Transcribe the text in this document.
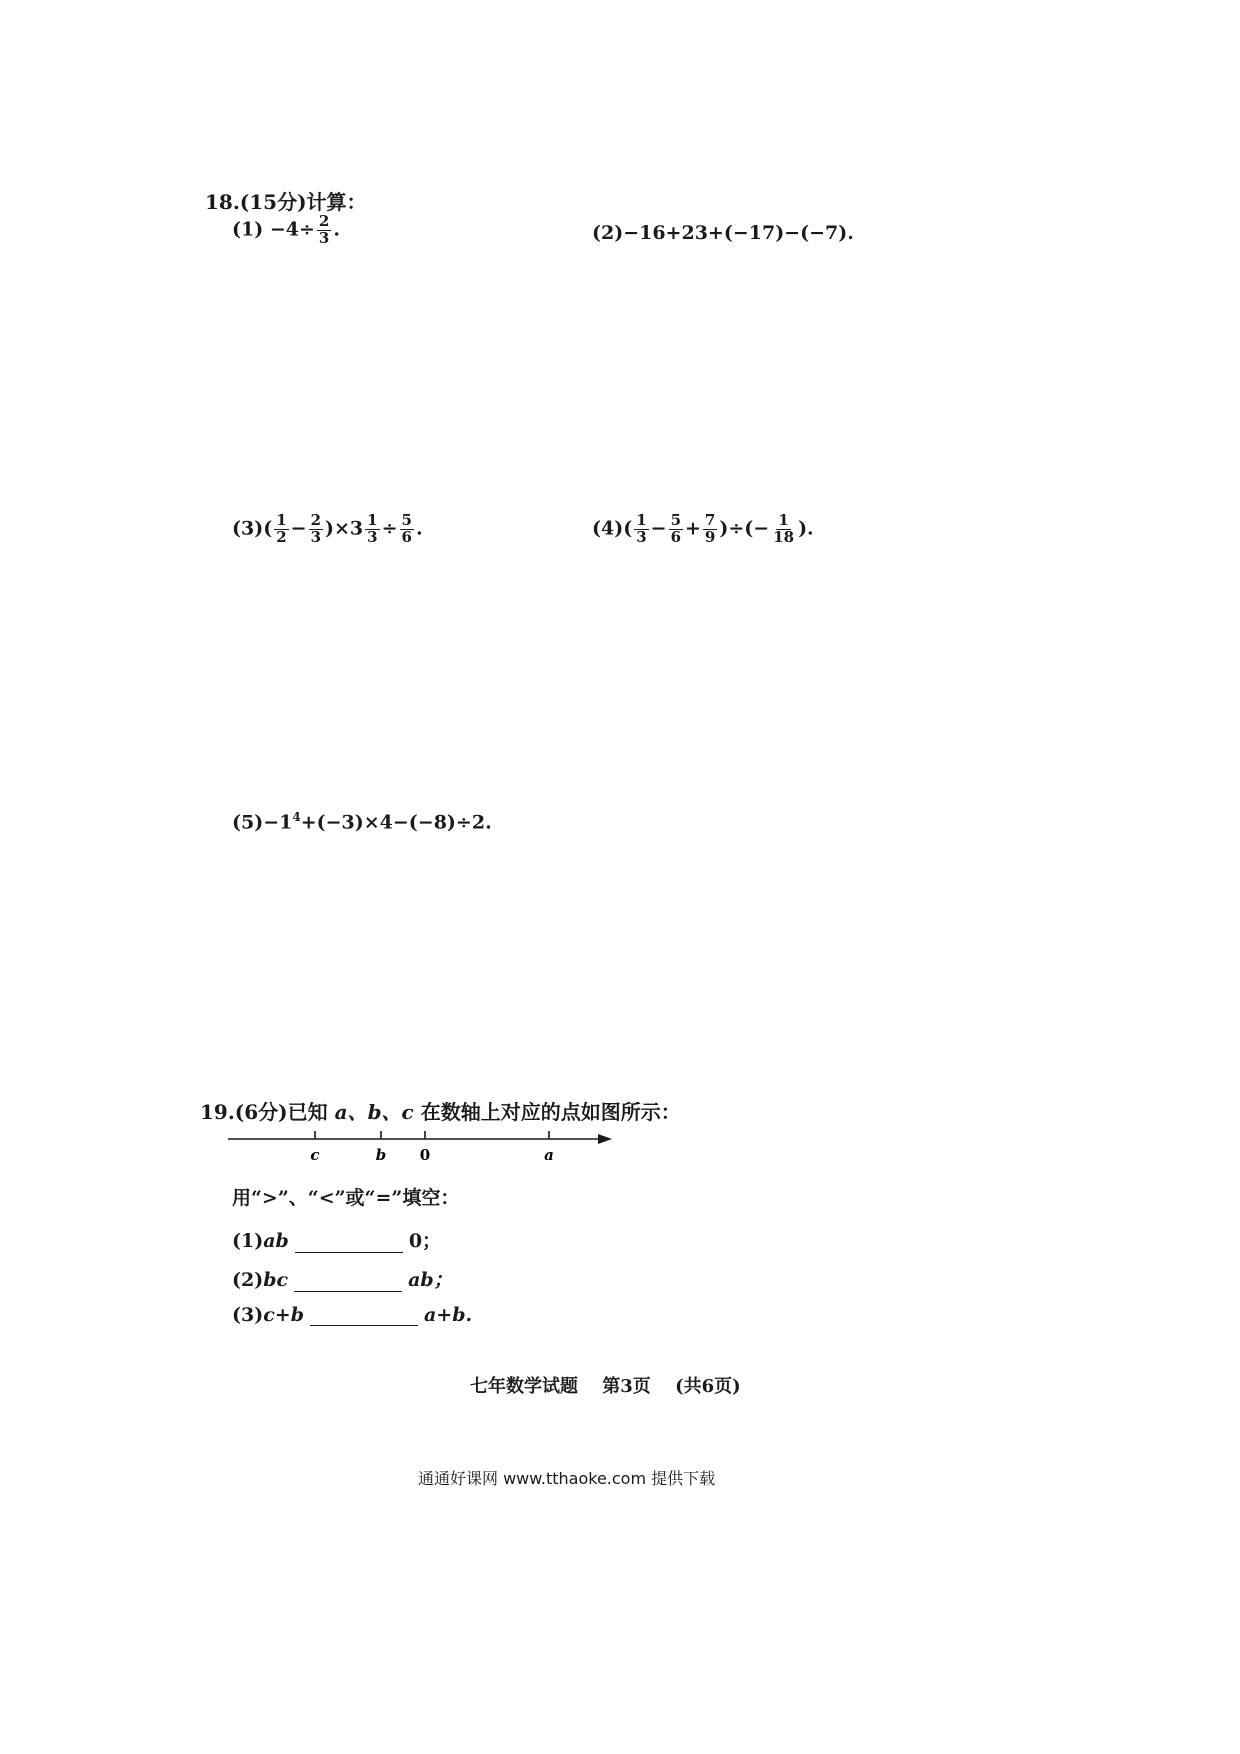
18.(15分)计算：
$(1) -4\div \frac{2}{3}$ .	(2)−16+23+(−17)−(−7).
$(3)( \frac{1}{2} - \frac{2}{3} )\times 3 \frac{1}{3} \div \frac{5}{6}$ .	$(4)( \frac{1}{3} - \frac{5}{6} + \frac{7}{9}$ )÷(− $\frac{1}{18}$ ).
$(5)-1^4+(-3)\times 4-(-8)\div 2$.
19.(6分)已知 a、b、c 在数轴上对应的点如图所示：
c	b 0	a
用“>”、“<”或“=”填空：
(1)ab	0；
(2)bc	ab；
(3)c+b	a+b.
七年数学试题 第3页 (共6页)
通通好课网 www.tthaoke.com 提供下载
